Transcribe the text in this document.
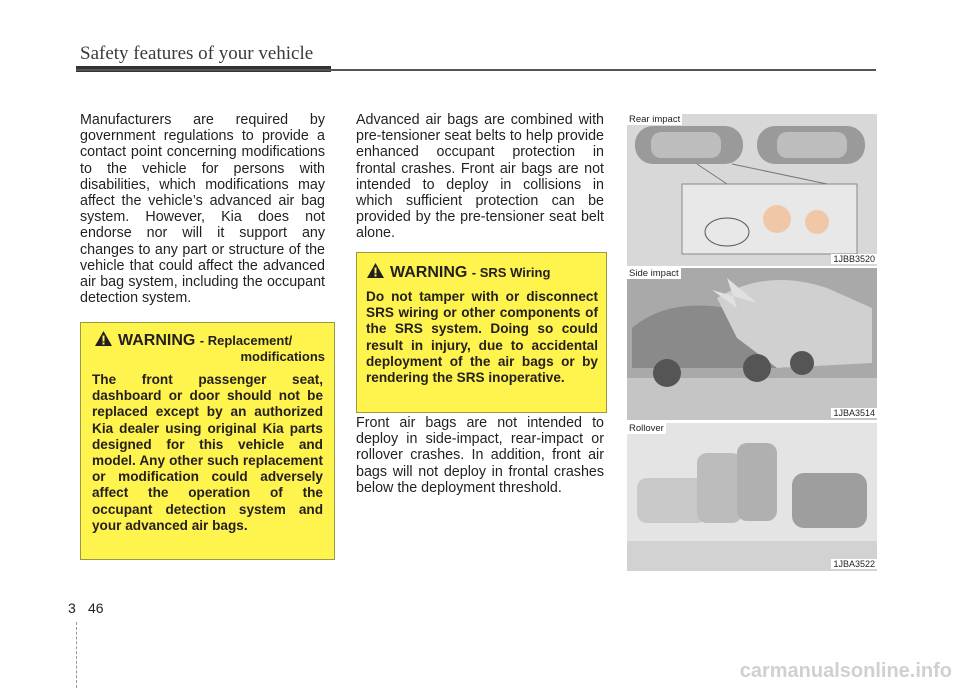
Safety features of your vehicle
Manufacturers are required by government regulations to provide a contact point concerning modifications to the vehicle for persons with disabilities, which modifications may affect the vehicle’s advanced air bag system. However, Kia does not endorse nor will it support any changes to any part or structure of the vehicle that could affect the advanced air bag system, including the occupant detection system.
WARNING - Replacement/
modifications
The front passenger seat, dashboard or door should not be replaced except by an authorized Kia dealer using original Kia parts designed for this vehicle and model. Any other such replacement or modification could adversely affect the operation of the occupant detection system and your advanced air bags.
Advanced air bags are combined with pre-tensioner seat belts to help provide enhanced occupant protection in frontal crashes. Front air bags are not intended to deploy in collisions in which sufficient protection can be provided by the pre-tensioner seat belt alone.
WARNING - SRS Wiring
Do not tamper with or disconnect SRS wiring or other components of the SRS system. Doing so could result in injury, due to accidental deployment of the air bags or by rendering the SRS inoperative.
Front air bags are not intended to deploy in side-impact, rear-impact or rollover crashes. In addition, front air bags will not deploy in frontal crashes below the deployment threshold.
Rear impact
1JBB3520
Side impact
1JBA3514
Rollover
1JBA3522
3 46
carmanualsonline.info
